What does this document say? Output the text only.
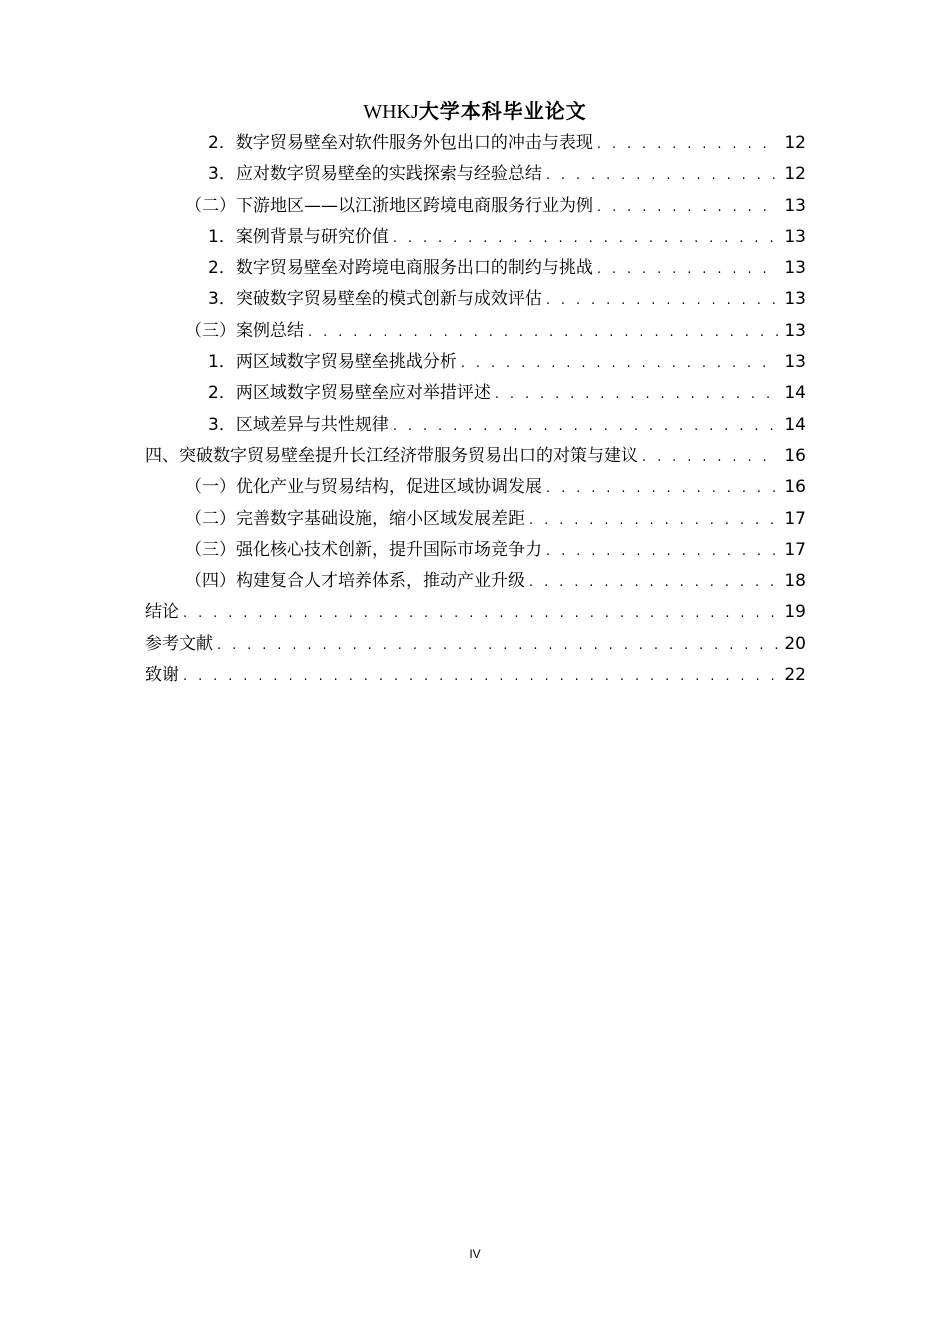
WHKJ大学本科毕业论文
2．数字贸易壁垒对软件服务外包出口的冲击与表现 . . .	12
3．应对数字贸易壁垒的实践探索与经验总结 . . .	12
（二）下游地区——以江浙地区跨境电商服务行业为例 . . .	13
1．案例背景与研究价值 . . .	13
2．数字贸易壁垒对跨境电商服务出口的制约与挑战 . . .	13
3．突破数字贸易壁垒的模式创新与成效评估 . . .	13
（三）案例总结 . . .	13
1．两区域数字贸易壁垒挑战分析 . . .	13
2．两区域数字贸易壁垒应对举措评述 . . .	14
3．区域差异与共性规律 . . .	14
四、突破数字贸易壁垒提升长江经济带服务贸易出口的对策与建议 . . .	16
（一）优化产业与贸易结构，促进区域协调发展 . . .	16
（二）完善数字基础设施，缩小区域发展差距 . . .	17
（三）强化核心技术创新，提升国际市场竞争力 . . .	17
（四）构建复合人才培养体系，推动产业升级 . . .	18
结论 . . .	19
参考文献 . . .	20
致谢 . . .	22
IV
